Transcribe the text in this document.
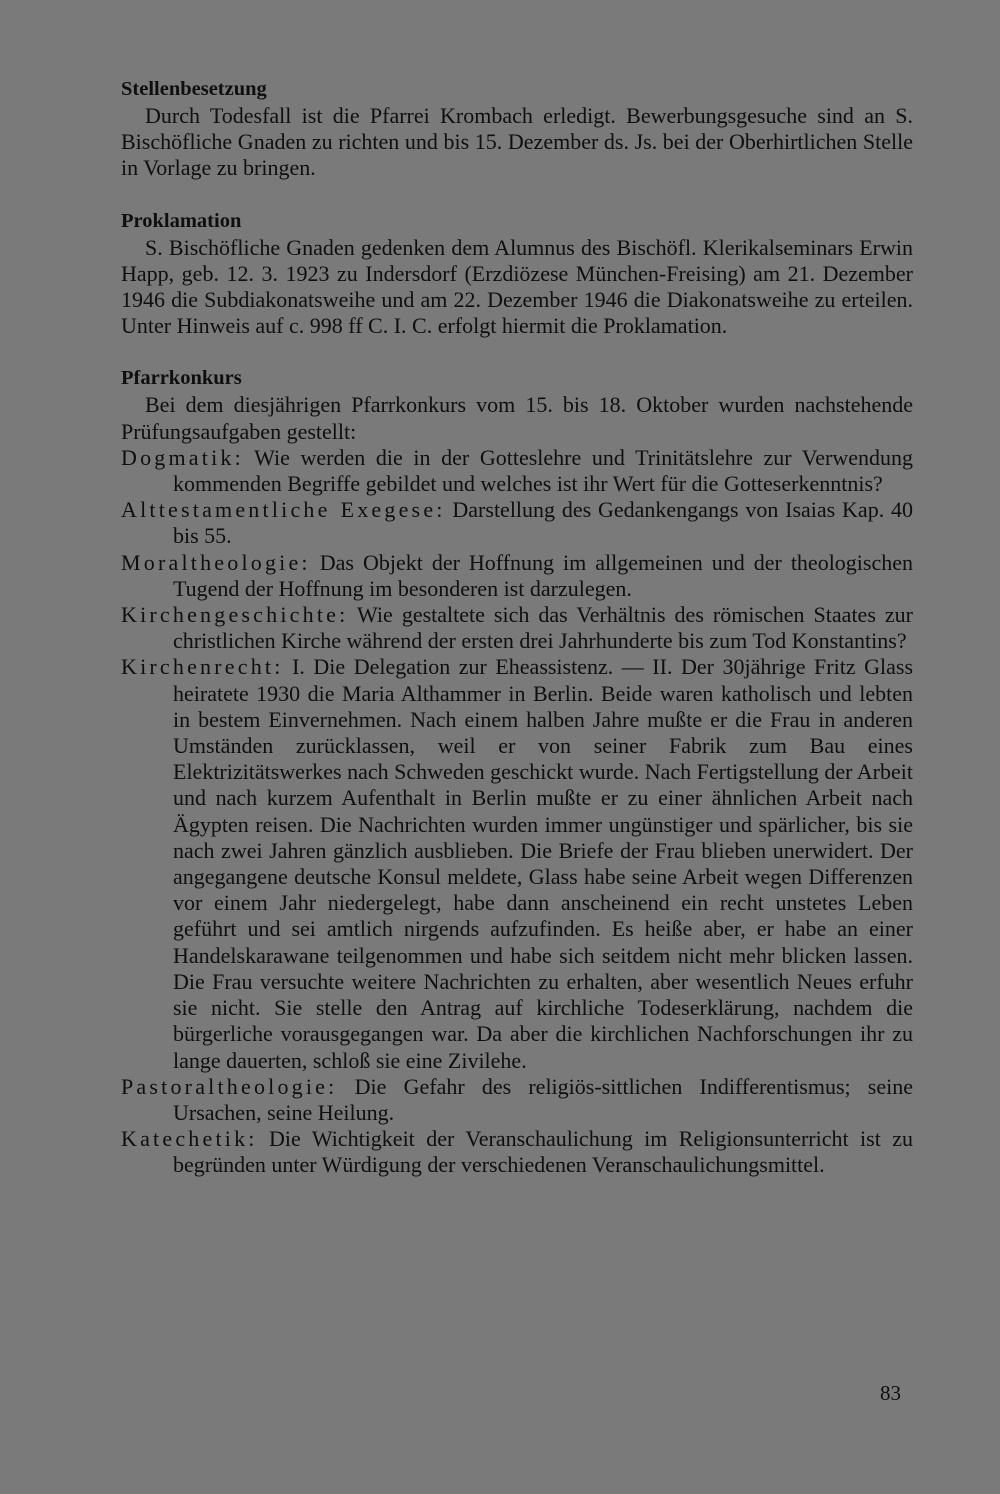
Stellenbesetzung

Durch Todesfall ist die Pfarrei Krombach erledigt. Bewerbungsgesuche sind an S. Bischöfliche Gnaden zu richten und bis 15. Dezember ds. Js. bei der Oberhirtlichen Stelle in Vorlage zu bringen.

Proklamation

S. Bischöfliche Gnaden gedenken dem Alumnus des Bischöfl. Klerikalseminars Erwin Happ, geb. 12. 3. 1923 zu Indersdorf (Erzdiözese München-Freising) am 21. Dezember 1946 die Subdiakonatsweihe und am 22. Dezember 1946 die Diakonatsweihe zu erteilen. Unter Hinweis auf c. 998 ff C. I. C. erfolgt hiermit die Proklamation.

Pfarrkonkurs

Bei dem diesjährigen Pfarrkonkurs vom 15. bis 18. Oktober wurden nachstehende Prüfungsaufgaben gestellt:

Dogmatik: Wie werden die in der Gotteslehre und Trinitätslehre zur Verwendung kommenden Begriffe gebildet und welches ist ihr Wert für die Gotteserkenntnis?

Alttestamentliche Exegese: Darstellung des Gedankengangs von Isaias Kap. 40 bis 55.

Moraltheologie: Das Objekt der Hoffnung im allgemeinen und der theologischen Tugend der Hoffnung im besonderen ist darzulegen.

Kirchengeschichte: Wie gestaltete sich das Verhältnis des römischen Staates zur christlichen Kirche während der ersten drei Jahrhunderte bis zum Tod Konstantins?

Kirchenrecht: I. Die Delegation zur Eheassistenz. — II. Der 30jährige Fritz Glass heiratete 1930 die Maria Althammer in Berlin. Beide waren katholisch und lebten in bestem Einvernehmen. Nach einem halben Jahre mußte er die Frau in anderen Umständen zurücklassen, weil er von seiner Fabrik zum Bau eines Elektrizitätswerkes nach Schweden geschickt wurde. Nach Fertigstellung der Arbeit und nach kurzem Aufenthalt in Berlin mußte er zu einer ähnlichen Arbeit nach Ägypten reisen. Die Nachrichten wurden immer ungünstiger und spärlicher, bis sie nach zwei Jahren gänzlich ausblieben. Die Briefe der Frau blieben unerwidert. Der angegangene deutsche Konsul meldete, Glass habe seine Arbeit wegen Differenzen vor einem Jahr niedergelegt, habe dann anscheinend ein recht unstetes Leben geführt und sei amtlich nirgends aufzufinden. Es heiße aber, er habe an einer Handelskarawane teilgenommen und habe sich seitdem nicht mehr blicken lassen. Die Frau versuchte weitere Nachrichten zu erhalten, aber wesentlich Neues erfuhr sie nicht. Sie stelle den Antrag auf kirchliche Todeserklärung, nachdem die bürgerliche vorausgegangen war. Da aber die kirchlichen Nachforschungen ihr zu lange dauerten, schloß sie eine Zivilehe.

Pastoraltheologie: Die Gefahr des religiös-sittlichen Indifferentismus; seine Ursachen, seine Heilung.

Katechetik: Die Wichtigkeit der Veranschaulichung im Religionsunterricht ist zu begründen unter Würdigung der verschiedenen Veranschaulichungsmittel.

83
